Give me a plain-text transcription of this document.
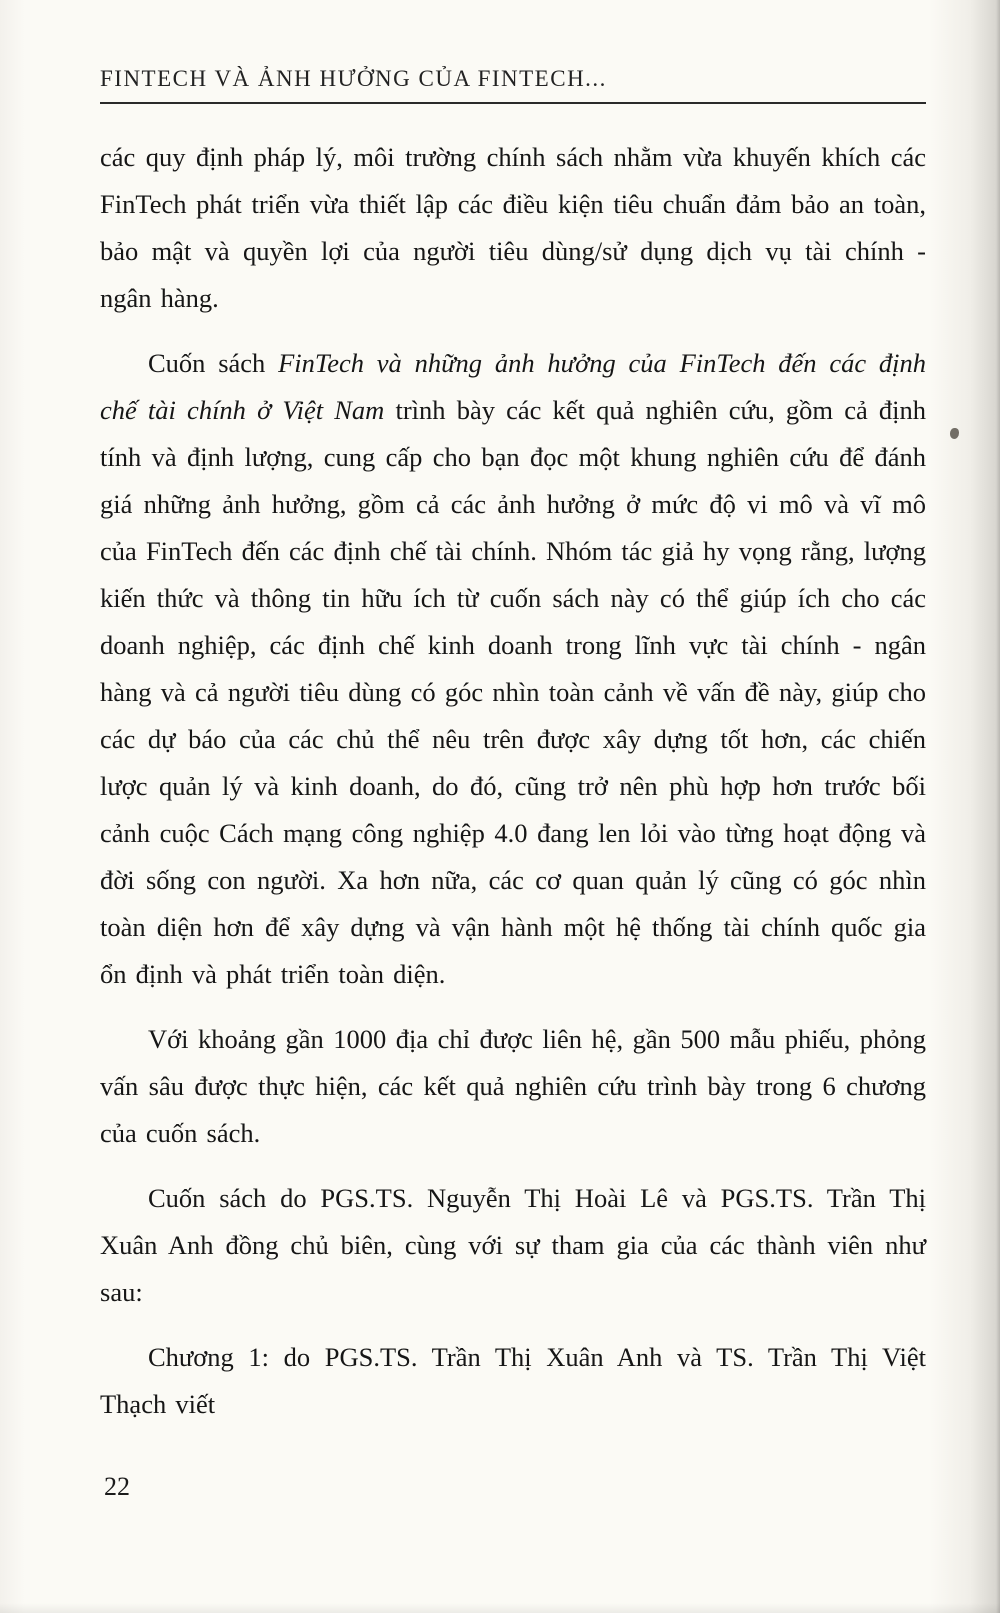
FINTECH VÀ ẢNH HƯỞNG CỦA FINTECH...

các quy định pháp lý, môi trường chính sách nhằm vừa khuyến khích các FinTech phát triển vừa thiết lập các điều kiện tiêu chuẩn đảm bảo an toàn, bảo mật và quyền lợi của người tiêu dùng/sử dụng dịch vụ tài chính - ngân hàng.

Cuốn sách FinTech và những ảnh hưởng của FinTech đến các định chế tài chính ở Việt Nam trình bày các kết quả nghiên cứu, gồm cả định tính và định lượng, cung cấp cho bạn đọc một khung nghiên cứu để đánh giá những ảnh hưởng, gồm cả các ảnh hưởng ở mức độ vi mô và vĩ mô của FinTech đến các định chế tài chính. Nhóm tác giả hy vọng rằng, lượng kiến thức và thông tin hữu ích từ cuốn sách này có thể giúp ích cho các doanh nghiệp, các định chế kinh doanh trong lĩnh vực tài chính - ngân hàng và cả người tiêu dùng có góc nhìn toàn cảnh về vấn đề này, giúp cho các dự báo của các chủ thể nêu trên được xây dựng tốt hơn, các chiến lược quản lý và kinh doanh, do đó, cũng trở nên phù hợp hơn trước bối cảnh cuộc Cách mạng công nghiệp 4.0 đang len lỏi vào từng hoạt động và đời sống con người. Xa hơn nữa, các cơ quan quản lý cũng có góc nhìn toàn diện hơn để xây dựng và vận hành một hệ thống tài chính quốc gia ổn định và phát triển toàn diện.

Với khoảng gần 1000 địa chỉ được liên hệ, gần 500 mẫu phiếu, phỏng vấn sâu được thực hiện, các kết quả nghiên cứu trình bày trong 6 chương của cuốn sách.

Cuốn sách do PGS.TS. Nguyễn Thị Hoài Lê và PGS.TS. Trần Thị Xuân Anh đồng chủ biên, cùng với sự tham gia của các thành viên như sau:

Chương 1: do PGS.TS. Trần Thị Xuân Anh và TS. Trần Thị Việt Thạch viết

22
